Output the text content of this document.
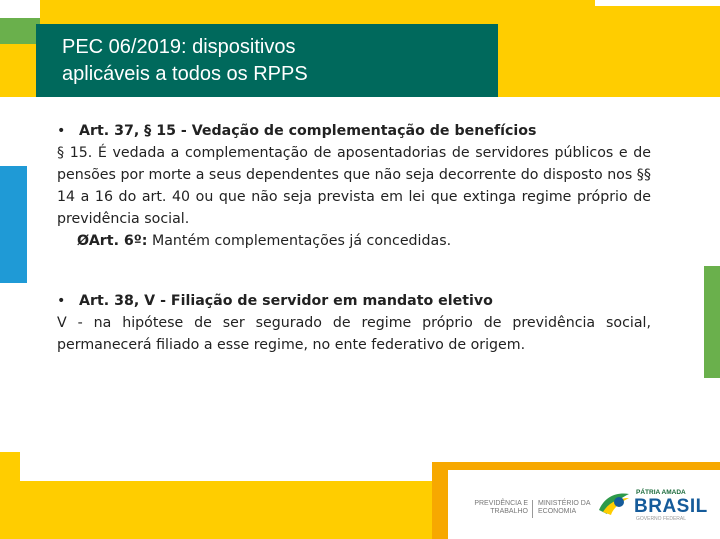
PEC 06/2019: dispositivos
aplicáveis a todos os RPPS
• Art. 37, § 15 - Vedação de complementação de benefícios
§ 15. É vedada a complementação de aposentadorias de servidores públicos e de pensões por morte a seus dependentes que não seja decorrente do disposto nos §§ 14 a 16 do art. 40 ou que não seja prevista em lei que extinga regime próprio de previdência social.
ØArt. 6º: Mantém complementações já concedidas.
• Art. 38, V - Filiação de servidor em mandato eletivo
V - na hipótese de ser segurado de regime próprio de previdência social, permanecerá filiado a esse regime, no ente federativo de origem.
PREVIDÊNCIA E
TRABALHO
MINISTÉRIO DA
ECONOMIA
PÁTRIA AMADA
BRASIL
GOVERNO FEDERAL
